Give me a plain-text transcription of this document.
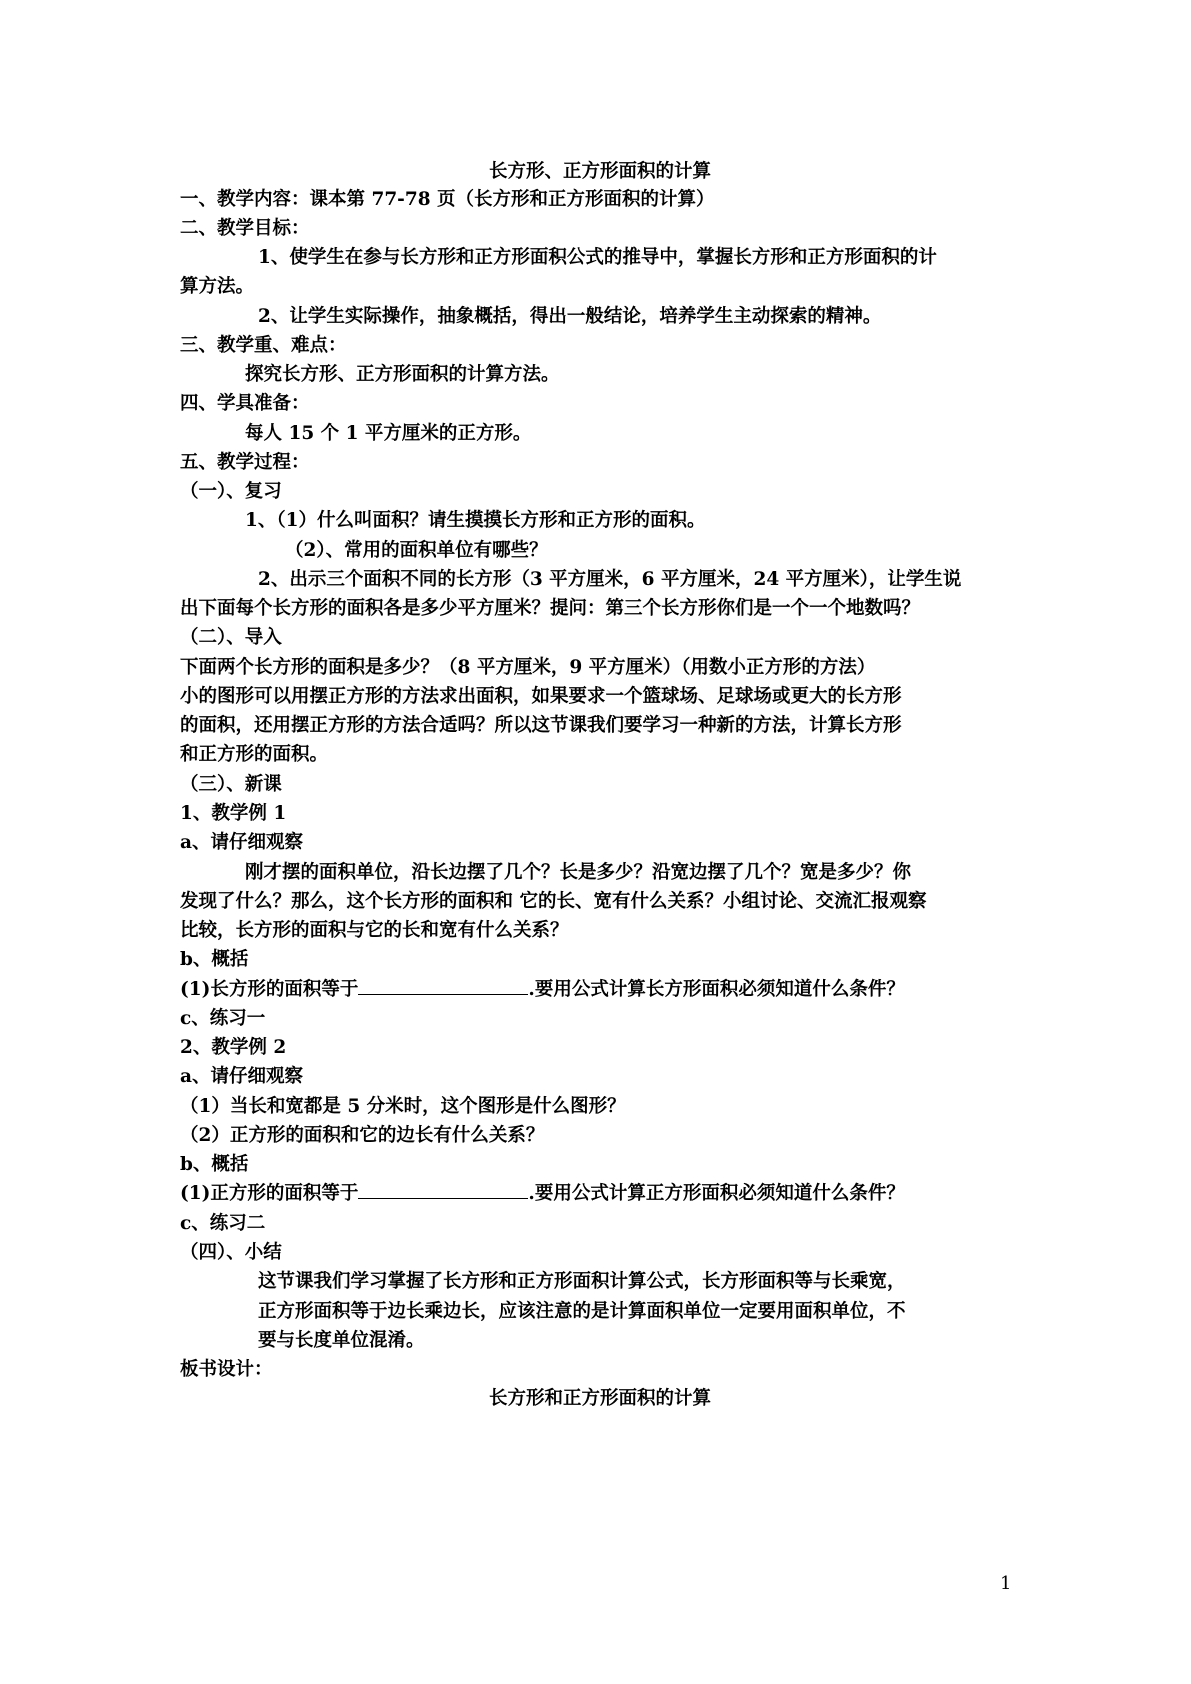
长方形、正方形面积的计算

一、教学内容：课本第 77-78 页（长方形和正方形面积的计算）

二、教学目标：

1、使学生在参与长方形和正方形面积公式的推导中，掌握长方形和正方形面积的计

算方法。

2、让学生实际操作，抽象概括，得出一般结论，培养学生主动探索的精神。

三、教学重、难点：

探究长方形、正方形面积的计算方法。

四、学具准备：

每人 15 个 1 平方厘米的正方形。

五、教学过程：

（一）、复习

1、（1）什么叫面积？请生摸摸长方形和正方形的面积。

（2）、常用的面积单位有哪些？

2、出示三个面积不同的长方形（3 平方厘米，6 平方厘米，24 平方厘米），让学生说

出下面每个长方形的面积各是多少平方厘米？提问：第三个长方形你们是一个一个地数吗？

（二）、导入

下面两个长方形的面积是多少？（8 平方厘米，9 平方厘米）（用数小正方形的方法）

小的图形可以用摆正方形的方法求出面积，如果要求一个篮球场、足球场或更大的长方形

的面积，还用摆正方形的方法合适吗？所以这节课我们要学习一种新的方法，计算长方形

和正方形的面积。

（三）、新课

1、教学例 1

a、请仔细观察

刚才摆的面积单位，沿长边摆了几个？长是多少？沿宽边摆了几个？宽是多少？你

发现了什么？那么，这个长方形的面积和 它的长、宽有什么关系？小组讨论、交流汇报观察

比较，长方形的面积与它的长和宽有什么关系？

b、概括

(1)长方形的面积等于	.要用公式计算长方形面积必须知道什么条件？

c、练习一

2、教学例 2

a、请仔细观察

（1）当长和宽都是 5 分米时，这个图形是什么图形？

（2）正方形的面积和它的边长有什么关系？

b、概括

(1)正方形的面积等于	.要用公式计算正方形面积必须知道什么条件？

c、练习二

（四）、小结

这节课我们学习掌握了长方形和正方形面积计算公式，长方形面积等与长乘宽，

正方形面积等于边长乘边长，应该注意的是计算面积单位一定要用面积单位，不

要与长度单位混淆。

板书设计：

长方形和正方形面积的计算

1
